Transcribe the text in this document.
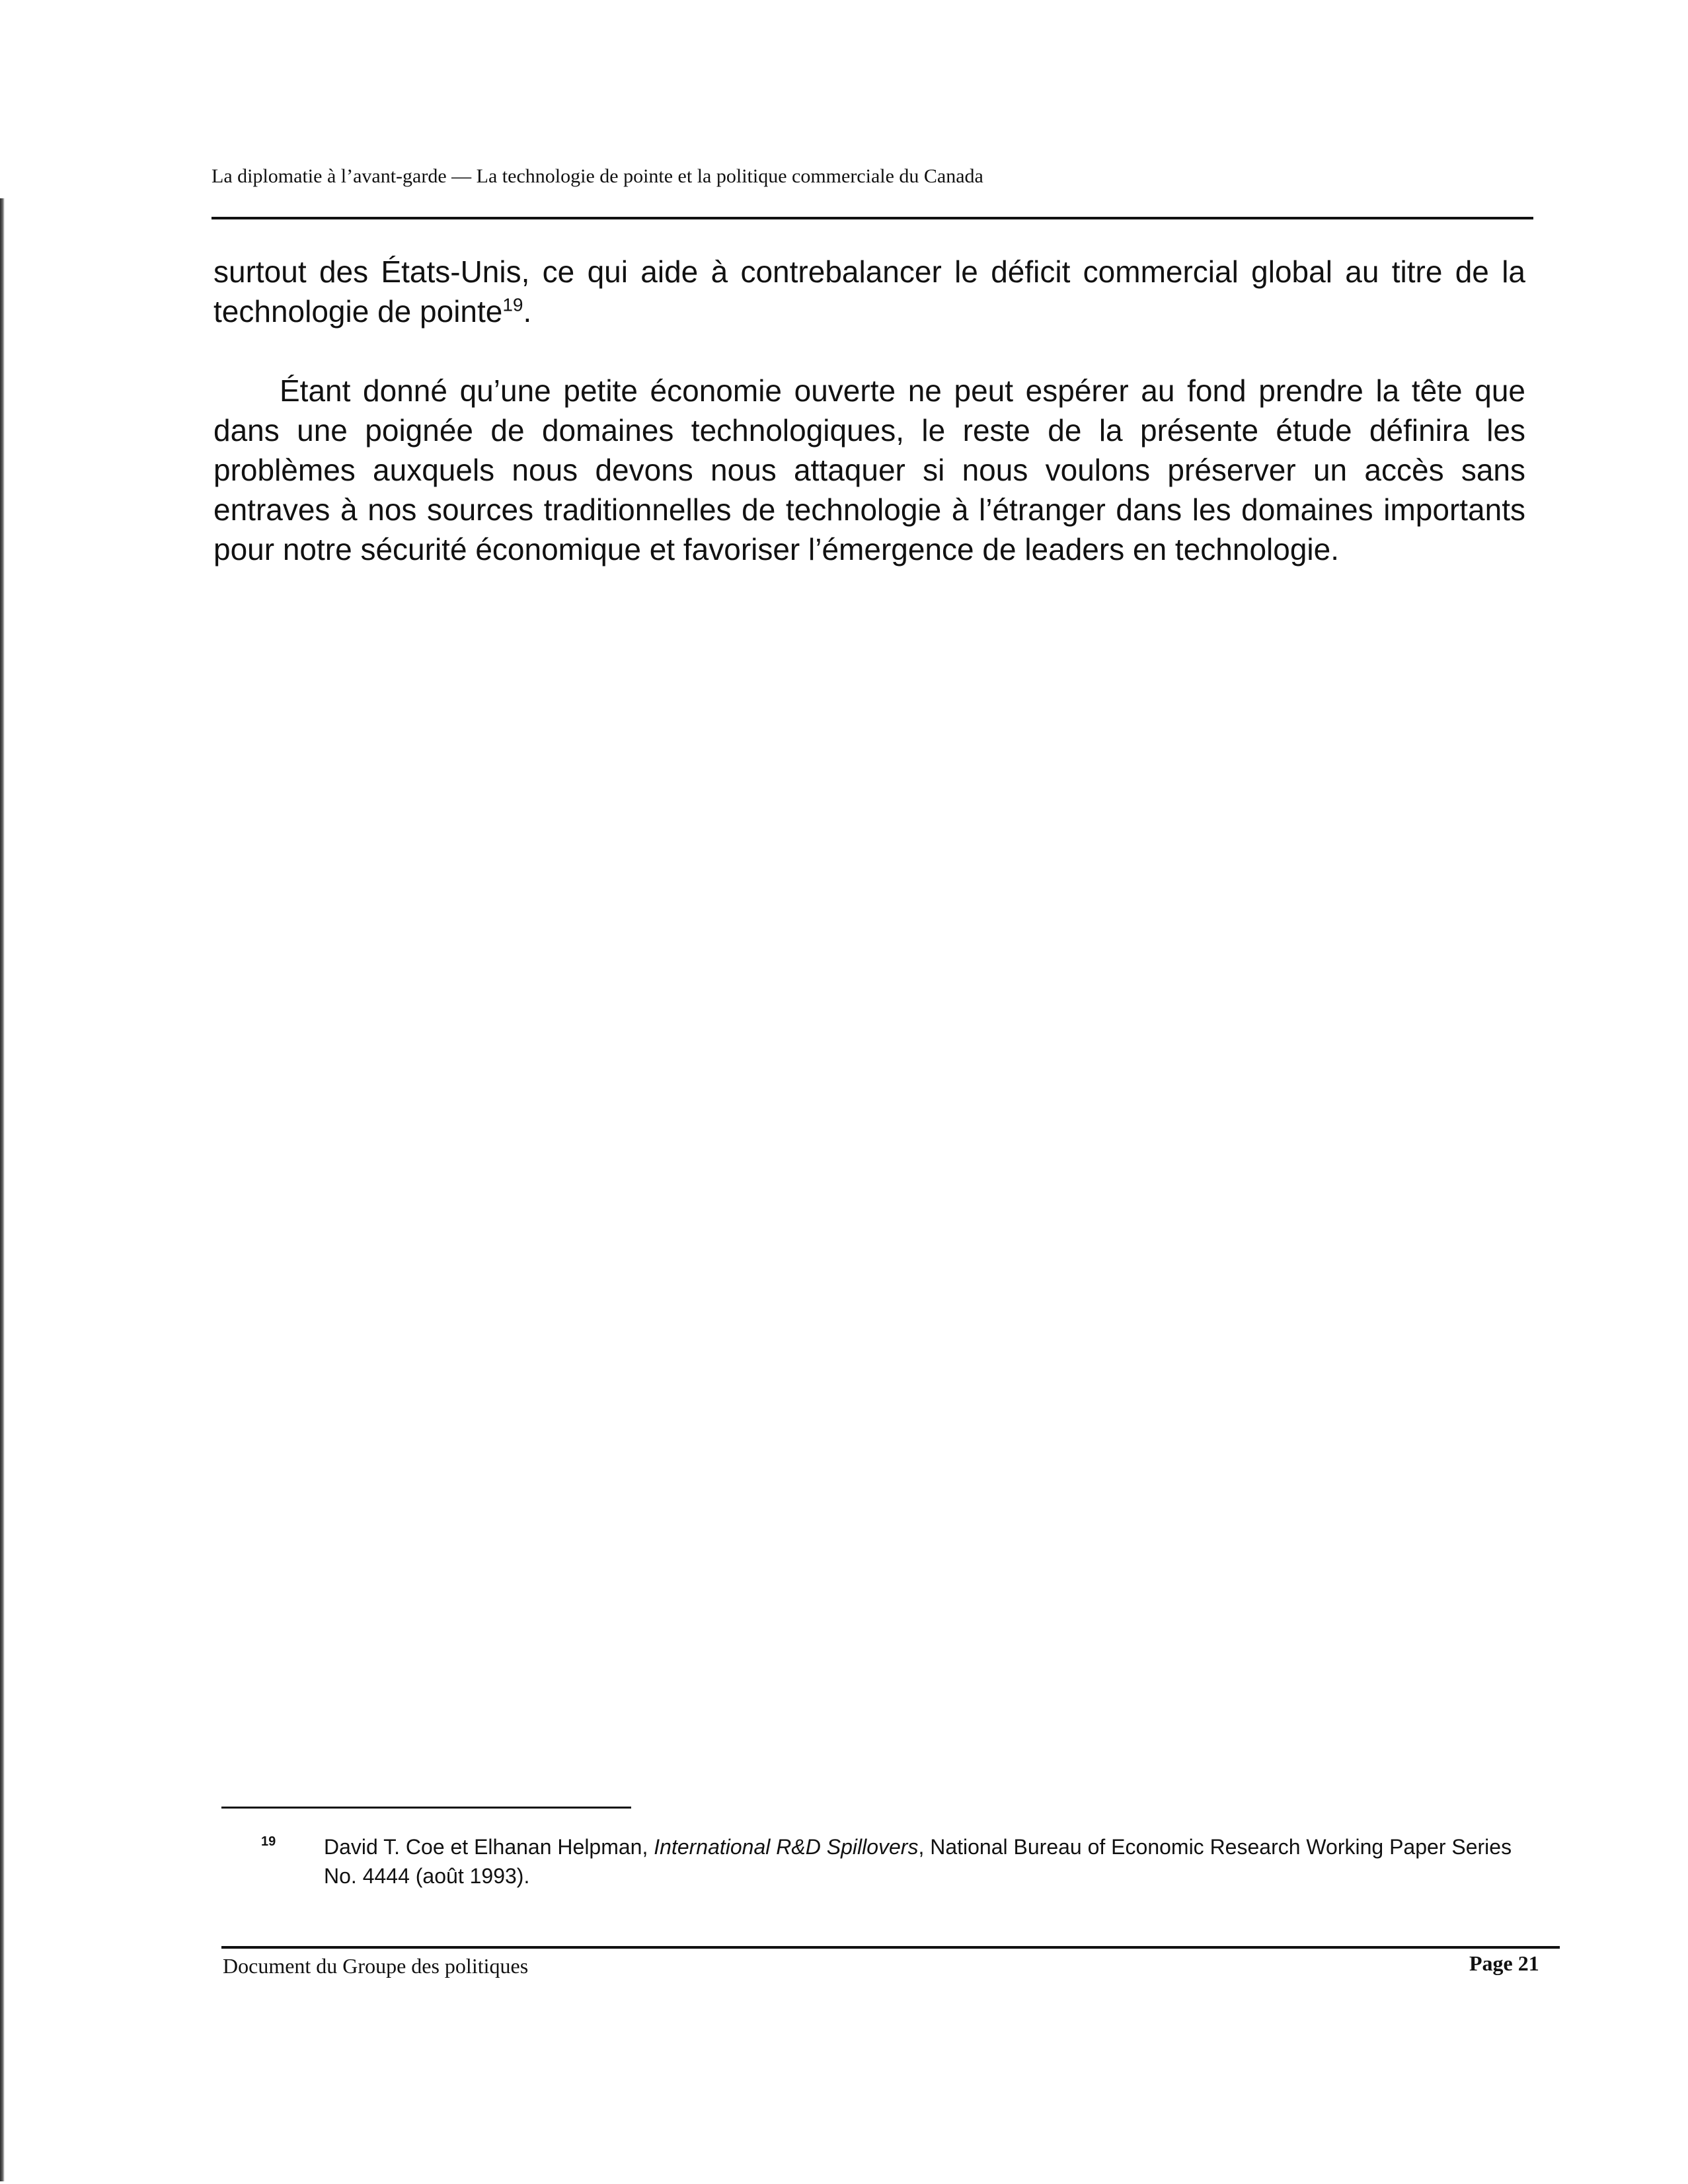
La diplomatie à l’avant-garde — La technologie de pointe et la politique commerciale du Canada

surtout des États-Unis, ce qui aide à contrebalancer le déficit commercial global au titre de la technologie de pointe$^{19}$.

Étant donné qu’une petite économie ouverte ne peut espérer au fond prendre la tête que dans une poignée de domaines technologiques, le reste de la présente étude définira les problèmes auxquels nous devons nous attaquer si nous voulons préserver un accès sans entraves à nos sources traditionnelles de technologie à l’étranger dans les domaines importants pour notre sécurité économique et favoriser l’émergence de leaders en technologie.

19 David T. Coe et Elhanan Helpman, International R&D Spillovers, National Bureau of Economic Research Working Paper Series No. 4444 (août 1993).
Document du Groupe des politiques	Page 21
